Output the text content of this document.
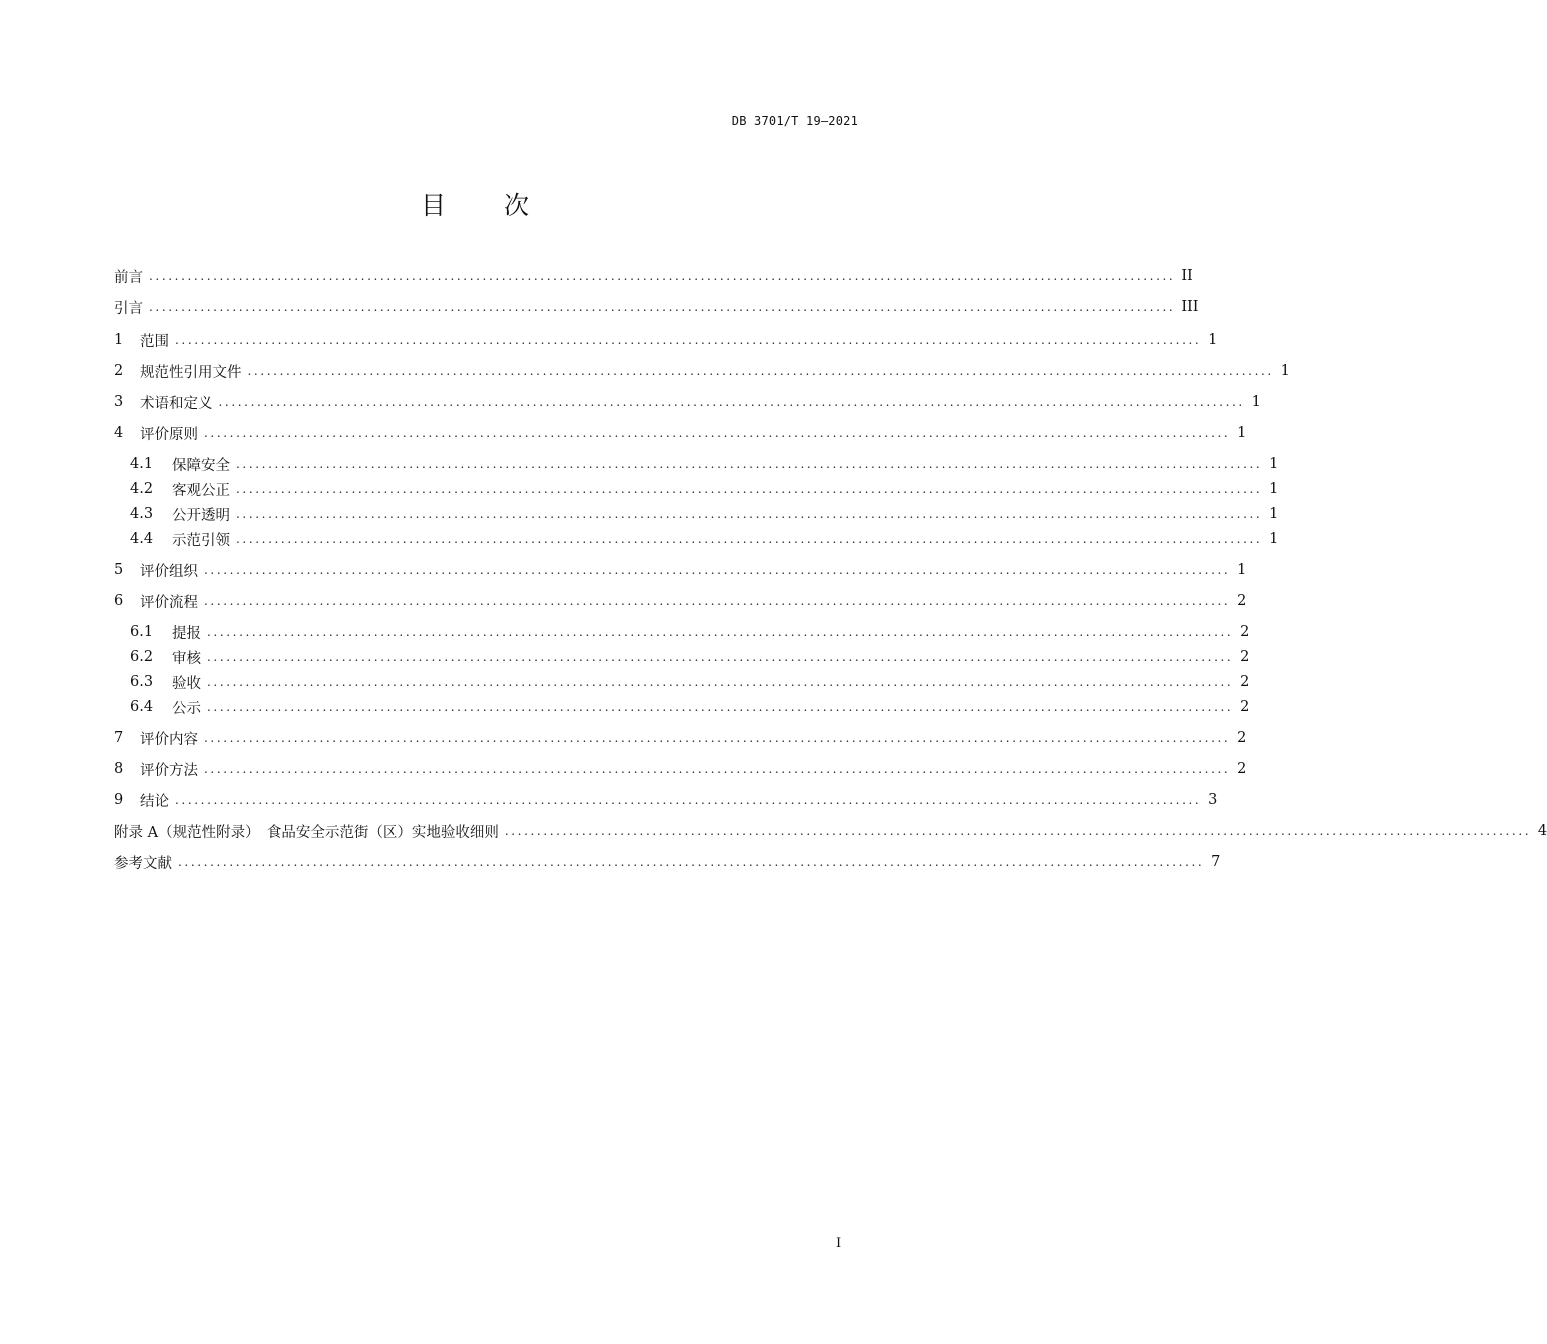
DB 3701/T 19—2021
目 次
前言 ................................................................................................................................................................ II
引言 ................................................................................................................................................................ III
1	范围 ................................................................................................................................................................ 1
2	规范性引用文件 ................................................................................................................................................................ 1
3	术语和定义 ................................................................................................................................................................ 1
4	评价原则 ................................................................................................................................................................ 1
4.1	保障安全 ................................................................................................................................................................ 1
4.2	客观公正 ................................................................................................................................................................ 1
4.3	公开透明 ................................................................................................................................................................ 1
4.4	示范引领 ................................................................................................................................................................ 1
5	评价组织 ................................................................................................................................................................ 1
6	评价流程 ................................................................................................................................................................ 2
6.1	提报 ................................................................................................................................................................ 2
6.2	审核 ................................................................................................................................................................ 2
6.3	验收 ................................................................................................................................................................ 2
6.4	公示 ................................................................................................................................................................ 2
7	评价内容 ................................................................................................................................................................ 2
8	评价方法 ................................................................................................................................................................ 2
9	结论 ................................................................................................................................................................ 3
附录 A（规范性附录）　食品安全示范街（区）实地验收细则 ................................................................................................................................................................ 4
参考文献 ................................................................................................................................................................ 7
I
